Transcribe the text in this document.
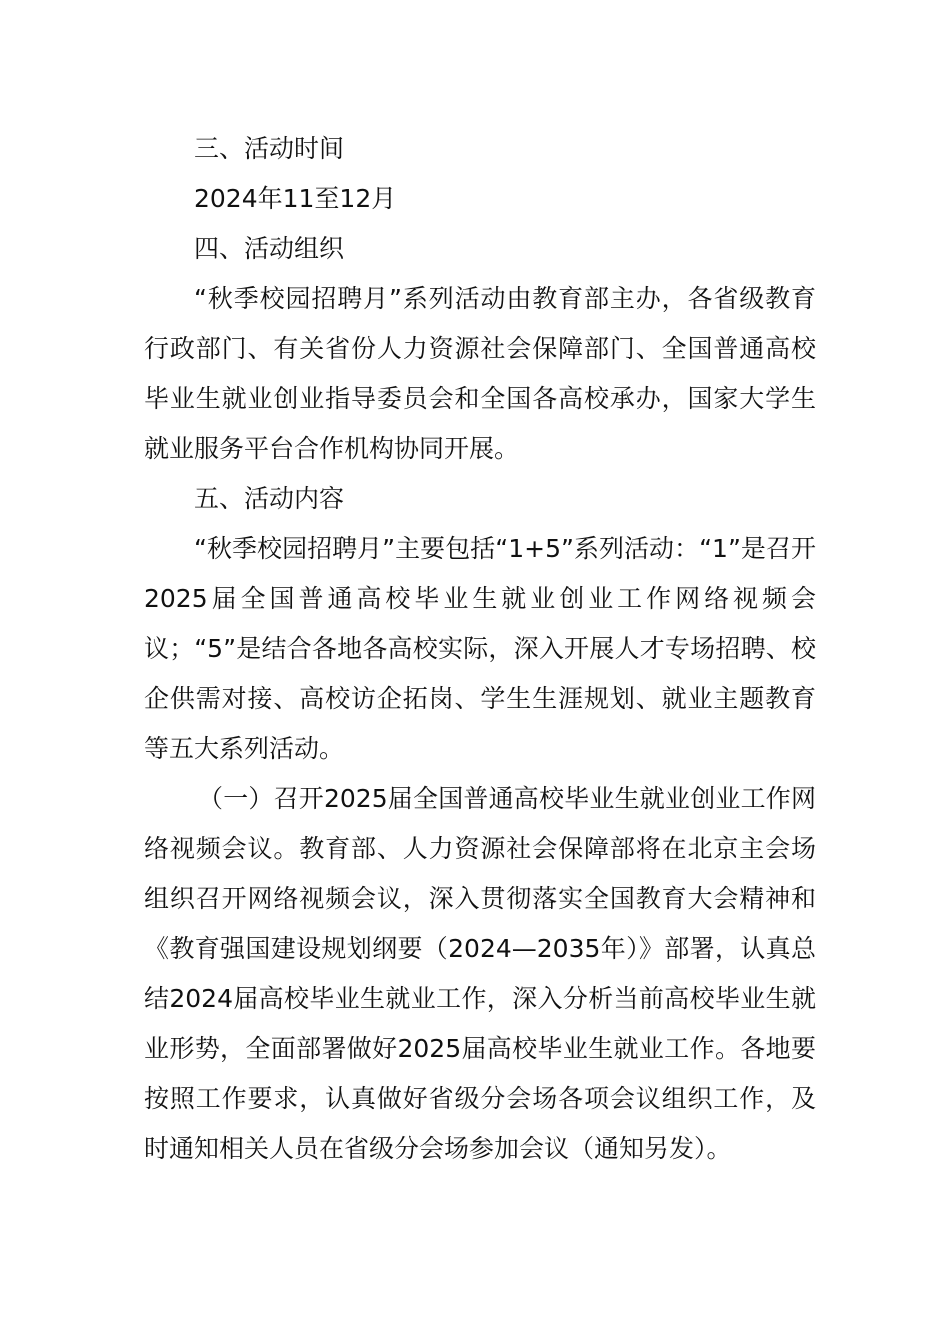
三、活动时间

2024年11至12月

四、活动组织

“秋季校园招聘月”系列活动由教育部主办，各省级教育行政部门、有关省份人力资源社会保障部门、全国普通高校毕业生就业创业指导委员会和全国各高校承办，国家大学生就业服务平台合作机构协同开展。

五、活动内容

“秋季校园招聘月”主要包括“1+5”系列活动：“1”是召开2025届全国普通高校毕业生就业创业工作网络视频会议；“5”是结合各地各高校实际，深入开展人才专场招聘、校企供需对接、高校访企拓岗、学生生涯规划、就业主题教育等五大系列活动。

（一）召开2025届全国普通高校毕业生就业创业工作网络视频会议。教育部、人力资源社会保障部将在北京主会场组织召开网络视频会议，深入贯彻落实全国教育大会精神和《教育强国建设规划纲要（2024—2035年）》部署，认真总结2024届高校毕业生就业工作，深入分析当前高校毕业生就业形势，全面部署做好2025届高校毕业生就业工作。各地要按照工作要求，认真做好省级分会场各项会议组织工作，及时通知相关人员在省级分会场参加会议（通知另发）。
